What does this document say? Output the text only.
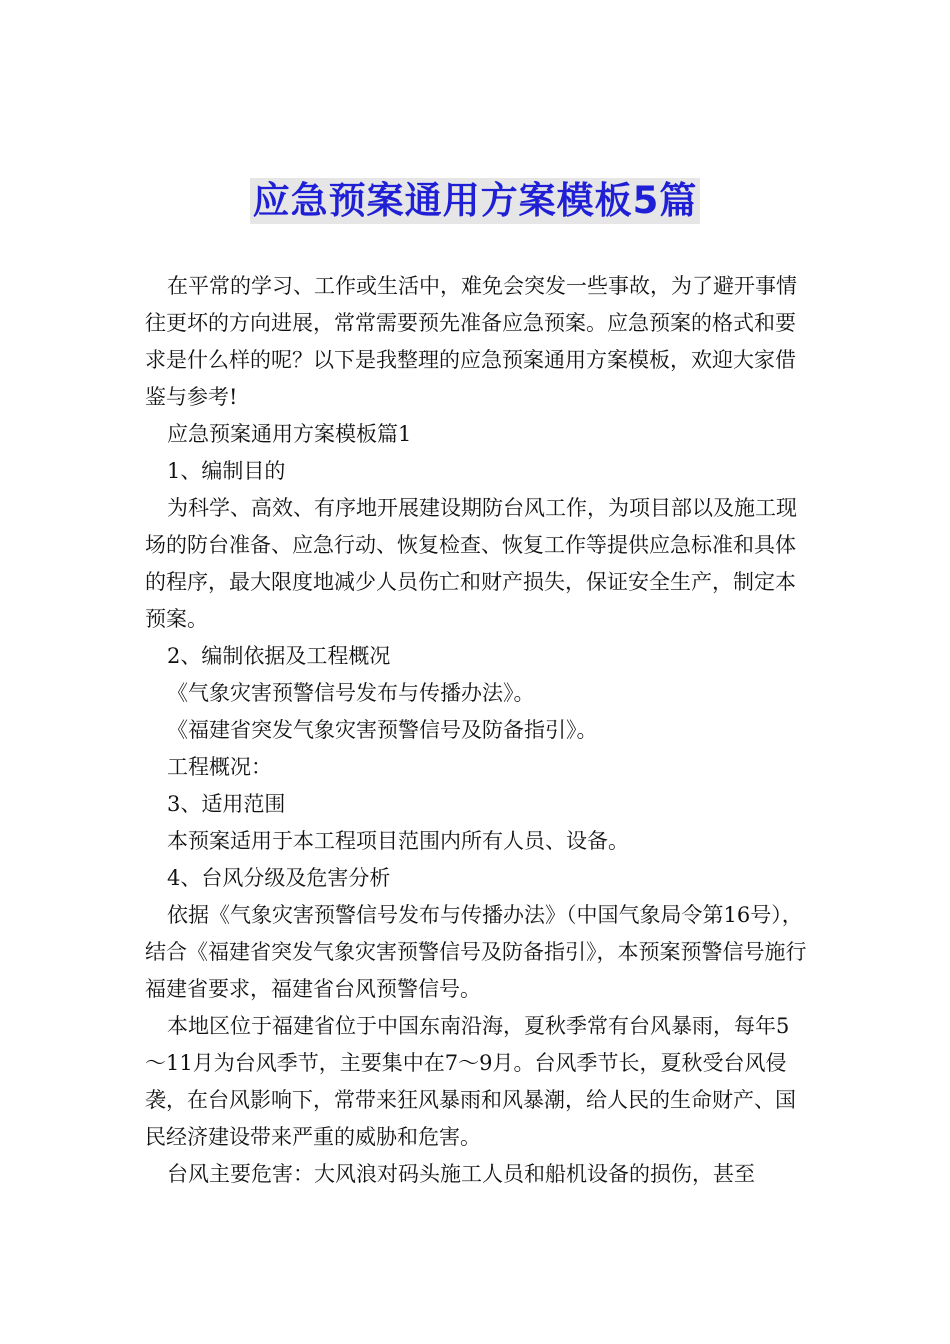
应急预案通用方案模板5篇

在平常的学习、工作或生活中，难免会突发一些事故，为了避开事情往更坏的方向进展，常常需要预先准备应急预案。应急预案的格式和要求是什么样的呢？以下是我整理的应急预案通用方案模板，欢迎大家借鉴与参考!

应急预案通用方案模板篇1

1、编制目的

为科学、高效、有序地开展建设期防台风工作，为项目部以及施工现场的防台准备、应急行动、恢复检查、恢复工作等提供应急标准和具体的程序，最大限度地减少人员伤亡和财产损失，保证安全生产，制定本预案。

2、编制依据及工程概况

《气象灾害预警信号发布与传播办法》。

《福建省突发气象灾害预警信号及防备指引》。

工程概况：

3、适用范围

本预案适用于本工程项目范围内所有人员、设备。

4、台风分级及危害分析

依据《气象灾害预警信号发布与传播办法》（中国气象局令第16号），结合《福建省突发气象灾害预警信号及防备指引》，本预案预警信号施行福建省要求，福建省台风预警信号。

本地区位于福建省位于中国东南沿海，夏秋季常有台风暴雨，每年5～11月为台风季节，主要集中在7～9月。台风季节长，夏秋受台风侵袭，在台风影响下，常带来狂风暴雨和风暴潮，给人民的生命财产、国民经济建设带来严重的威胁和危害。

台风主要危害：大风浪对码头施工人员和船机设备的损伤，甚至
